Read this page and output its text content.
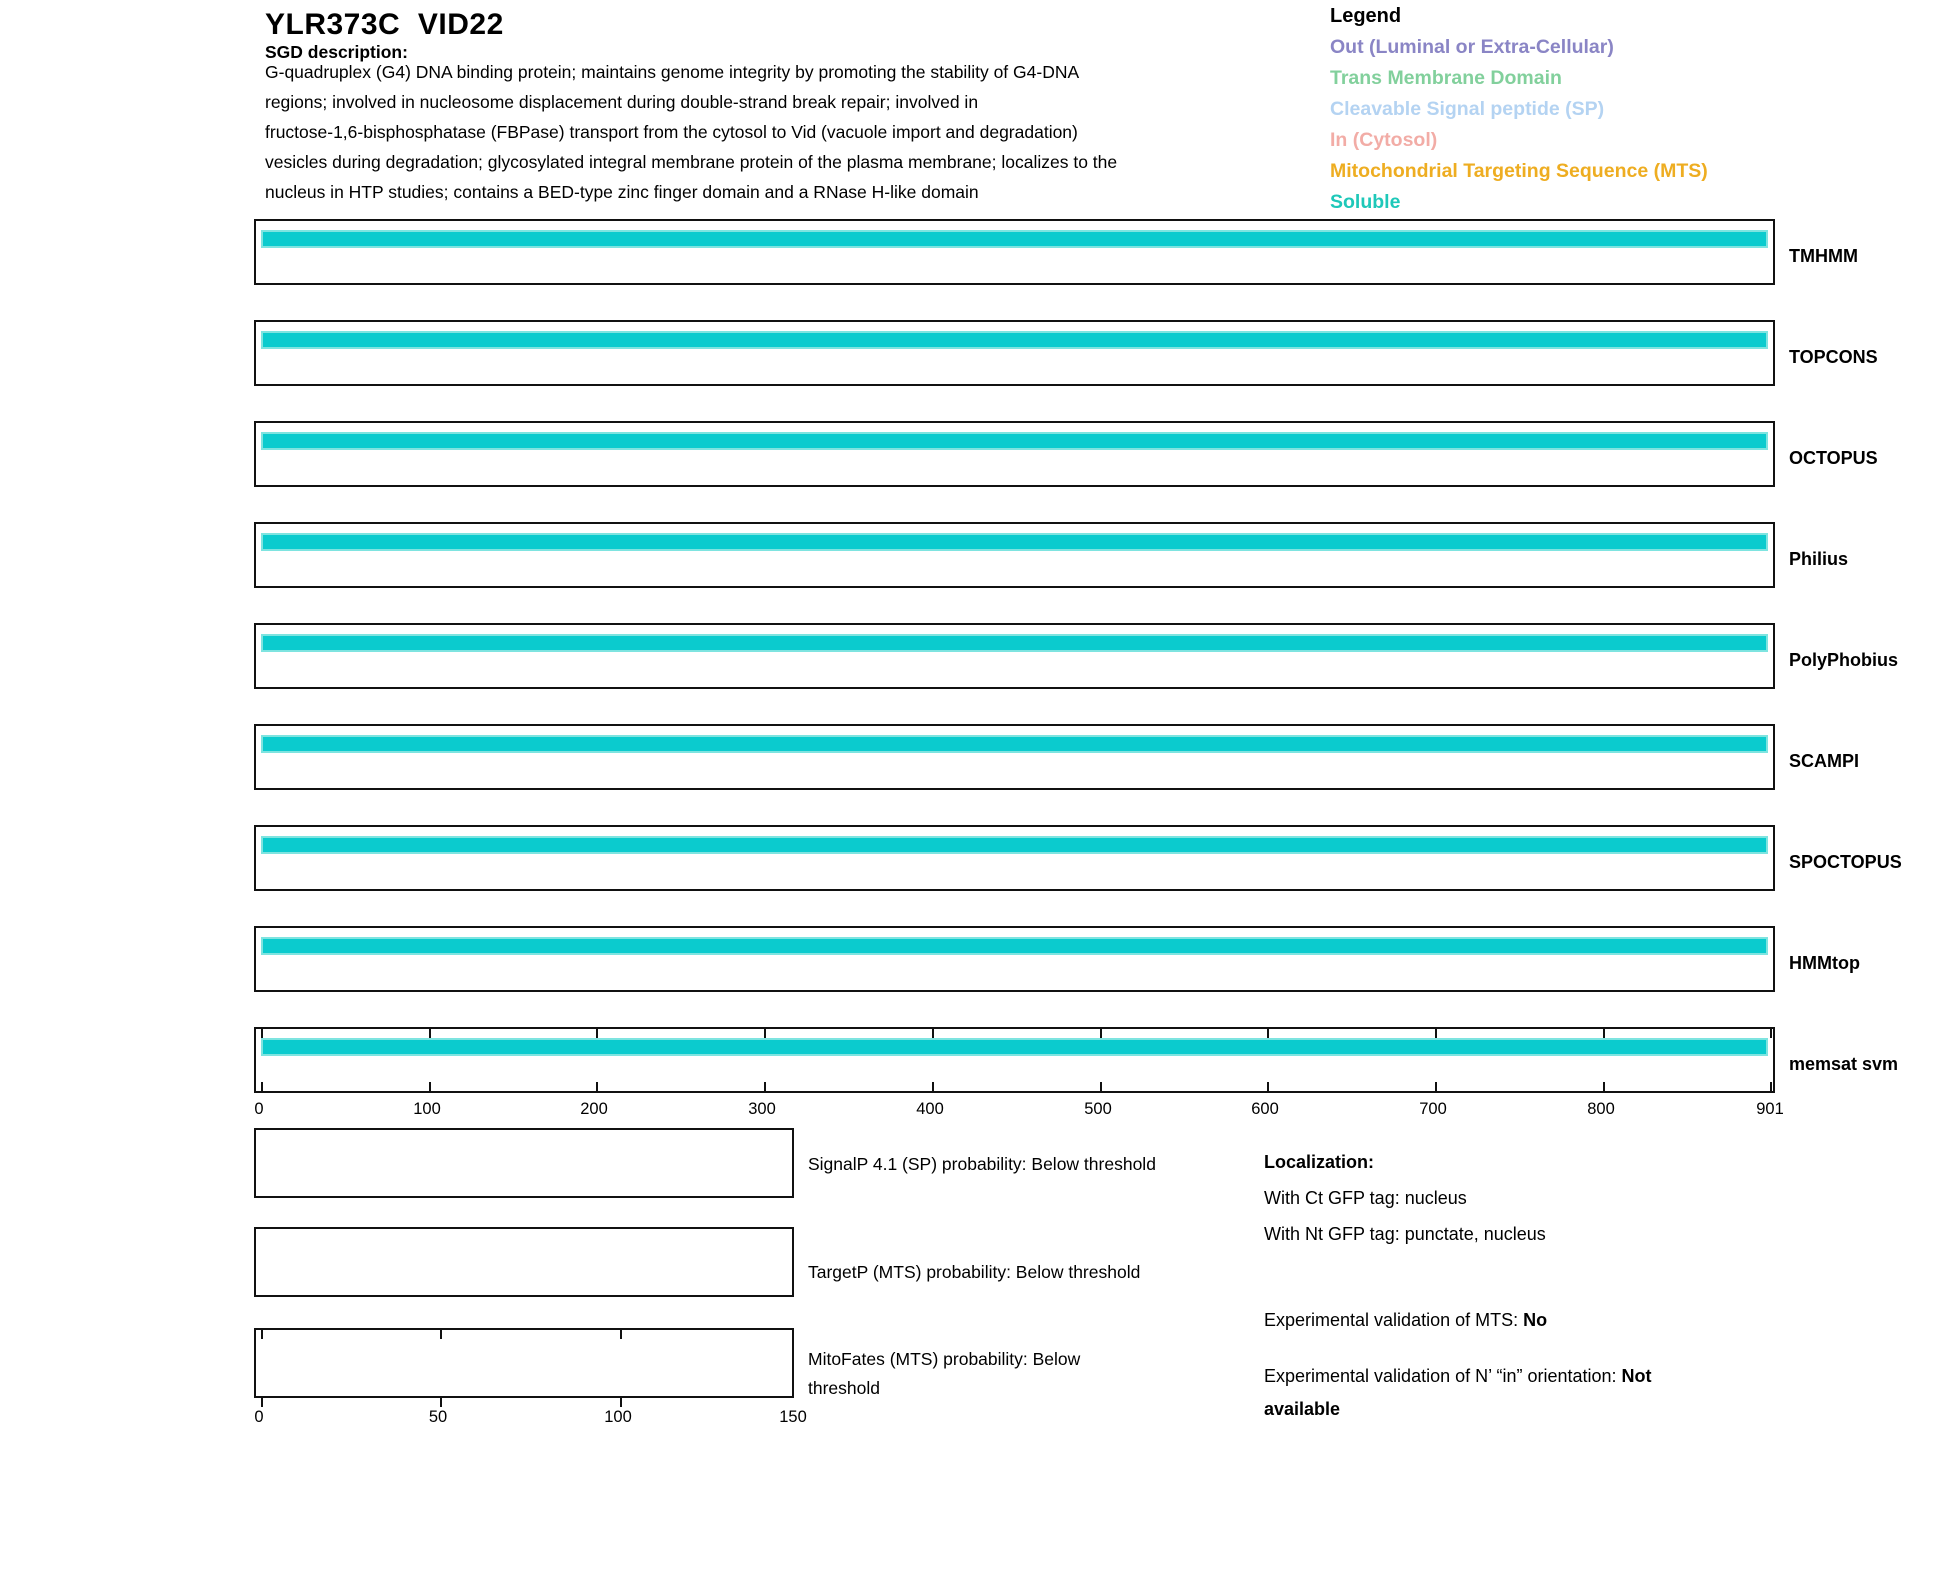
YLR373C  VID22
SGD description:
G-quadruplex (G4) DNA binding protein; maintains genome integrity by promoting the stability of G4-DNA
regions; involved in nucleosome displacement during double-strand break repair; involved in
fructose-1,6-bisphosphatase (FBPase) transport from the cytosol to Vid (vacuole import and degradation)
vesicles during degradation; glycosylated integral membrane protein of the plasma membrane; localizes to the
nucleus in HTP studies; contains a BED-type zinc finger domain and a RNase H-like domain
Legend
Out (Luminal or Extra-Cellular)
Trans Membrane Domain
Cleavable Signal peptide (SP)
In (Cytosol)
Mitochondrial Targeting Sequence (MTS)
Soluble
TMHMM
TOPCONS
OCTOPUS
Philius
PolyPhobius
SCAMPI
SPOCTOPUS
HMMtop
memsat svm
0	100	200	300	400	500	600	700	800	901
SignalP 4.1 (SP) probability: Below threshold
TargetP (MTS) probability: Below threshold
MitoFates (MTS) probability: Below threshold
0	50	100	150
Localization:
With Ct GFP tag: nucleus
With Nt GFP tag: punctate, nucleus
Experimental validation of MTS: No
Experimental validation of N’ “in” orientation: Not available
